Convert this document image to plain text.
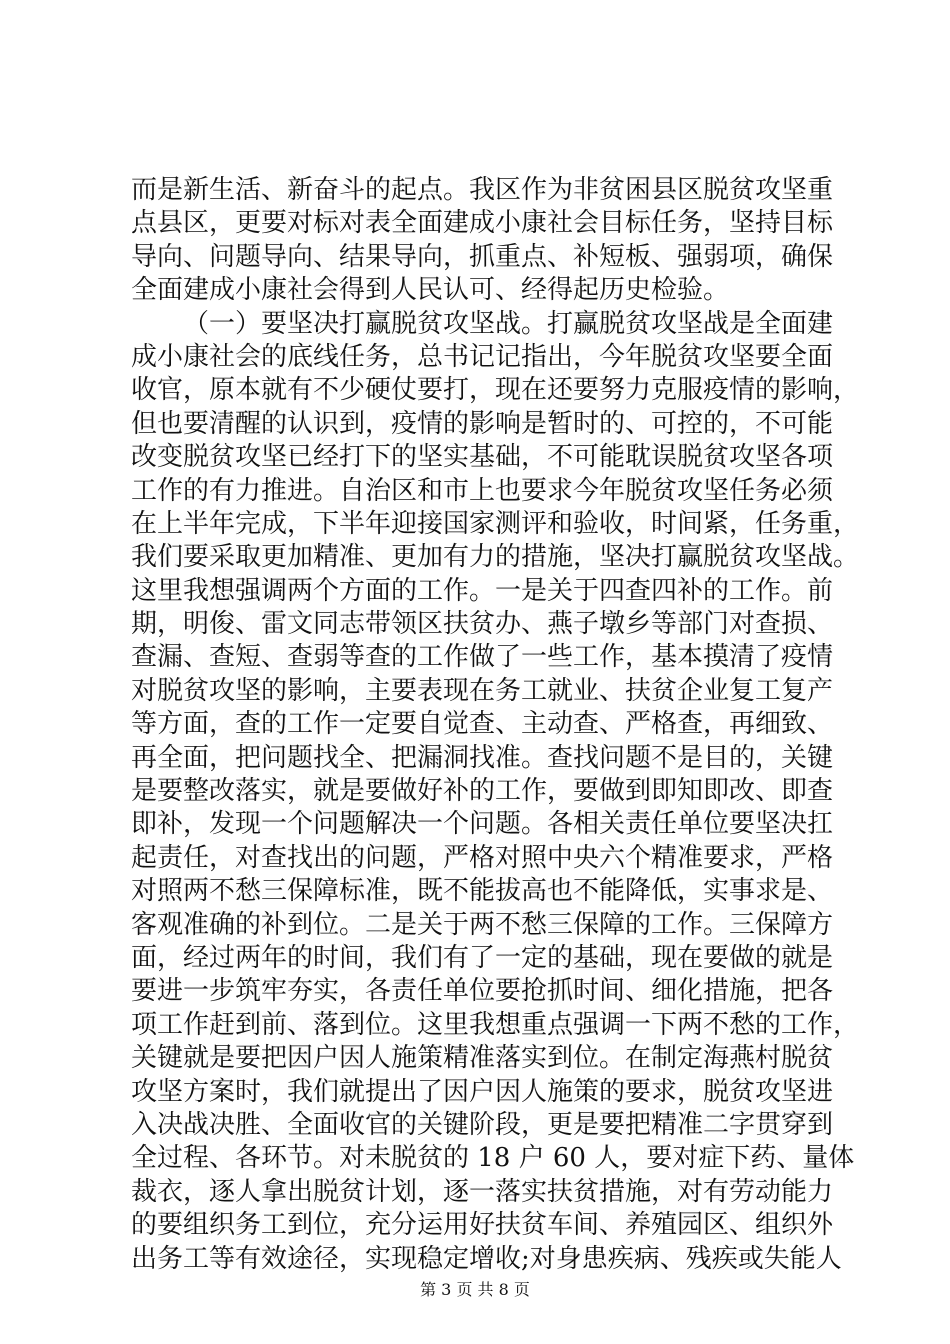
而是新生活、新奋斗的起点。我区作为非贫困县区脱贫攻坚重
点县区，更要对标对表全面建成小康社会目标任务，坚持目标
导向、问题导向、结果导向，抓重点、补短板、强弱项，确保
全面建成小康社会得到人民认可、经得起历史检验。
（一）要坚决打赢脱贫攻坚战。打赢脱贫攻坚战是全面建
成小康社会的底线任务，总书记记指出，今年脱贫攻坚要全面
收官，原本就有不少硬仗要打，现在还要努力克服疫情的影响，
但也要清醒的认识到，疫情的影响是暂时的、可控的，不可能
改变脱贫攻坚已经打下的坚实基础，不可能耽误脱贫攻坚各项
工作的有力推进。自治区和市上也要求今年脱贫攻坚任务必须
在上半年完成，下半年迎接国家测评和验收，时间紧，任务重，
我们要采取更加精准、更加有力的措施，坚决打赢脱贫攻坚战。
这里我想强调两个方面的工作。一是关于四查四补的工作。前
期，明俊、雷文同志带领区扶贫办、燕子墩乡等部门对查损、
查漏、查短、查弱等查的工作做了一些工作，基本摸清了疫情
对脱贫攻坚的影响，主要表现在务工就业、扶贫企业复工复产
等方面，查的工作一定要自觉查、主动查、严格查，再细致、
再全面，把问题找全、把漏洞找准。查找问题不是目的，关键
是要整改落实，就是要做好补的工作，要做到即知即改、即查
即补，发现一个问题解决一个问题。各相关责任单位要坚决扛
起责任，对查找出的问题，严格对照中央六个精准要求，严格
对照两不愁三保障标准，既不能拔高也不能降低，实事求是、
客观准确的补到位。二是关于两不愁三保障的工作。三保障方
面，经过两年的时间，我们有了一定的基础，现在要做的就是
要进一步筑牢夯实，各责任单位要抢抓时间、细化措施，把各
项工作赶到前、落到位。这里我想重点强调一下两不愁的工作，
关键就是要把因户因人施策精准落实到位。在制定海燕村脱贫
攻坚方案时，我们就提出了因户因人施策的要求，脱贫攻坚进
入决战决胜、全面收官的关键阶段，更是要把精准二字贯穿到
全过程、各环节。对未脱贫的 18 户 60 人，要对症下药、量体
裁衣，逐人拿出脱贫计划，逐一落实扶贫措施，对有劳动能力
的要组织务工到位，充分运用好扶贫车间、养殖园区、组织外
出务工等有效途径，实现稳定增收;对身患疾病、残疾或失能人
第 3 页 共 8 页
